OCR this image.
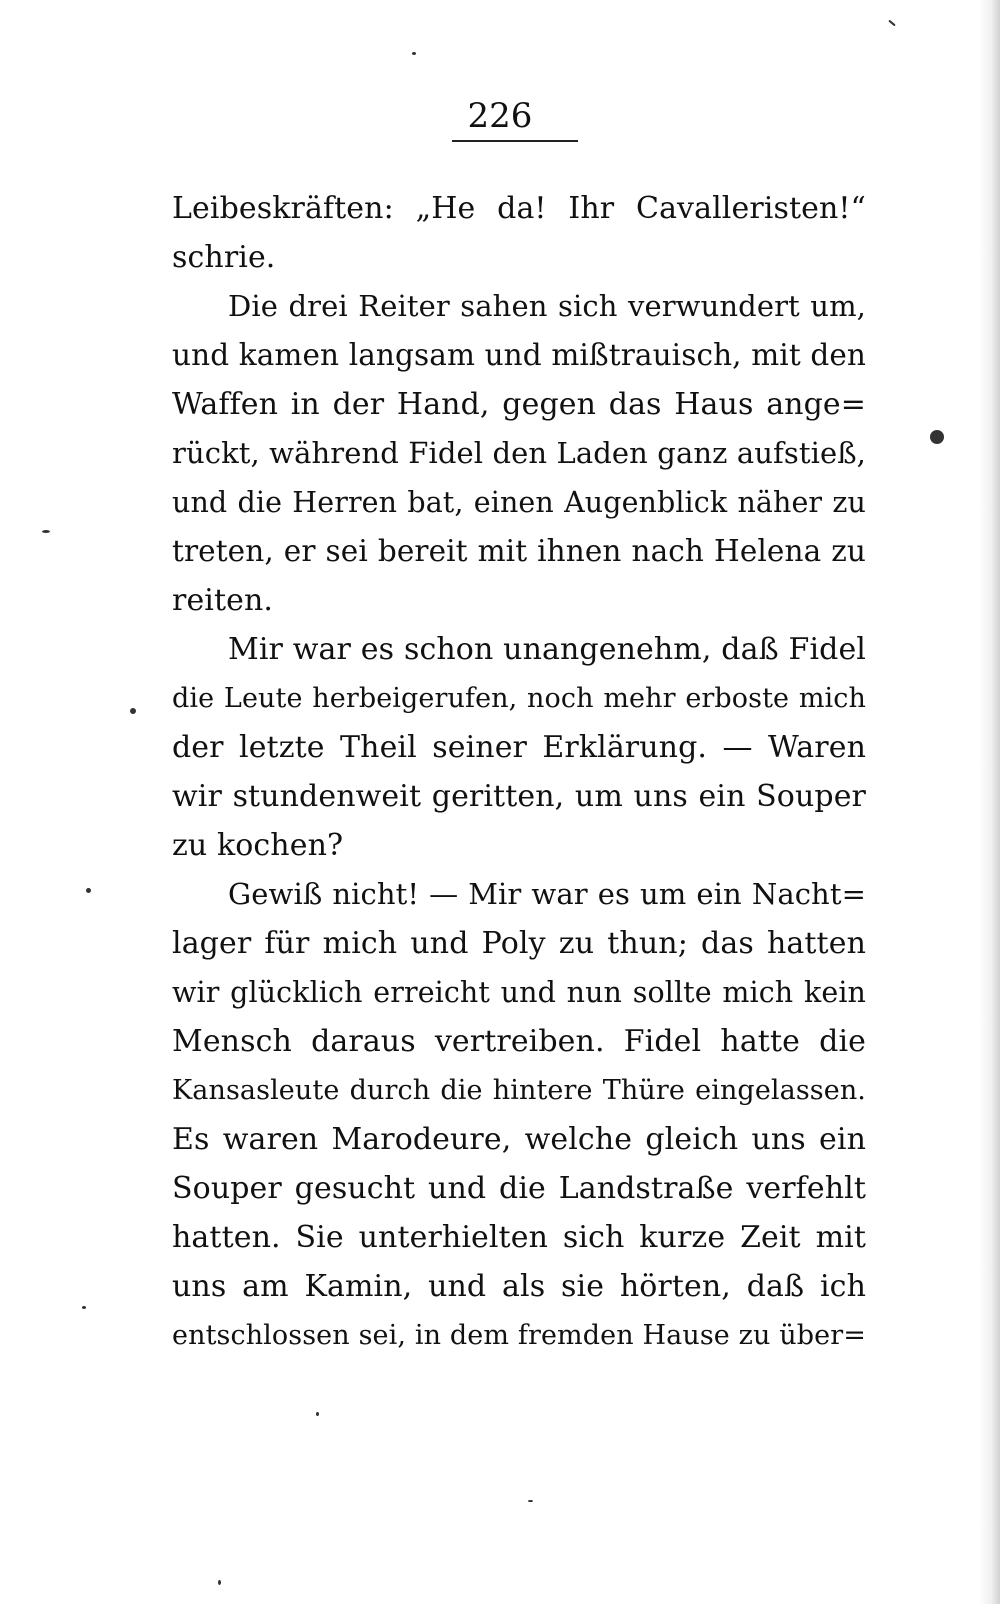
226
Leibeskräften: „He da! Ihr Cavalleristen!“
schrie.
Die drei Reiter sahen sich verwundert um,
und kamen langsam und mißtrauisch, mit den
Waffen in der Hand, gegen das Haus ange=
rückt, während Fidel den Laden ganz aufstieß,
und die Herren bat, einen Augenblick näher zu
treten, er sei bereit mit ihnen nach Helena zu
reiten.
Mir war es schon unangenehm, daß Fidel
die Leute herbeigerufen, noch mehr erboste mich
der letzte Theil seiner Erklärung. — Waren
wir stundenweit geritten, um uns ein Souper
zu kochen?
Gewiß nicht! — Mir war es um ein Nacht=
lager für mich und Poly zu thun; das hatten
wir glücklich erreicht und nun sollte mich kein
Mensch daraus vertreiben. Fidel hatte die
Kansasleute durch die hintere Thüre eingelassen.
Es waren Marodeure, welche gleich uns ein
Souper gesucht und die Landstraße verfehlt
hatten. Sie unterhielten sich kurze Zeit mit
uns am Kamin, und als sie hörten, daß ich
entschlossen sei, in dem fremden Hause zu über=
